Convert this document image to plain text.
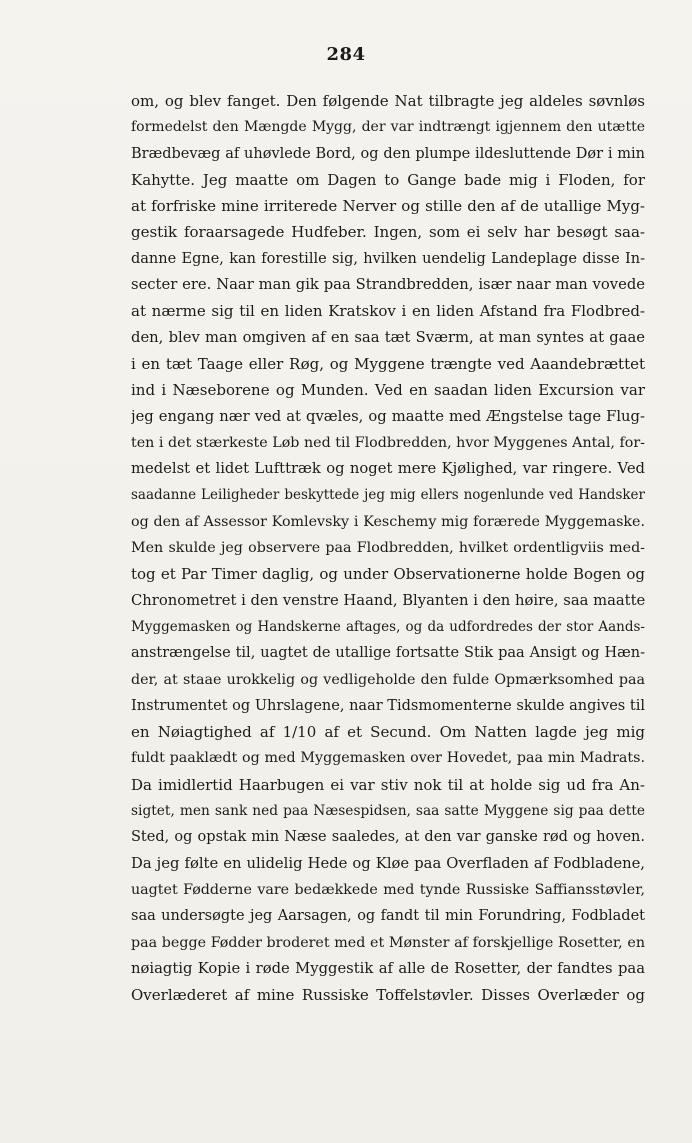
284
om, og blev fanget. Den følgende Nat tilbragte jeg aldeles søvnløs
formedelst den Mængde Mygg, der var indtrængt igjennem den utætte
Brædbevæg af uhøvlede Bord, og den plumpe ildesluttende Dør i min
Kahytte. Jeg maatte om Dagen to Gange bade mig i Floden, for
at forfriske mine irriterede Nerver og stille den af de utallige Myg-
gestik foraarsagede Hudfeber. Ingen, som ei selv har besøgt saa-
danne Egne, kan forestille sig, hvilken uendelig Landeplage disse In-
secter ere. Naar man gik paa Strandbredden, især naar man vovede
at nærme sig til en liden Kratskov i en liden Afstand fra Flodbred-
den, blev man omgiven af en saa tæt Sværm, at man syntes at gaae
i en tæt Taage eller Røg, og Myggene trængte ved Aaandebrættet
ind i Næseborene og Munden. Ved en saadan liden Excursion var
jeg engang nær ved at qvæles, og maatte med Ængstelse tage Flug-
ten i det stærkeste Løb ned til Flodbredden, hvor Myggenes Antal, for-
medelst et lidet Lufttræk og noget mere Kjølighed, var ringere. Ved
saadanne Leiligheder beskyttede jeg mig ellers nogenlunde ved Handsker
og den af Assessor Komlevsky i Keschemy mig forærede Myggemaske.
Men skulde jeg observere paa Flodbredden, hvilket ordentligviis med-
tog et Par Timer daglig, og under Observationerne holde Bogen og
Chronometret i den venstre Haand, Blyanten i den høire, saa maatte
Myggemasken og Handskerne aftages, og da udfordredes der stor Aands-
anstrængelse til, uagtet de utallige fortsatte Stik paa Ansigt og Hæn-
der, at staae urokkelig og vedligeholde den fulde Opmærksomhed paa
Instrumentet og Uhrslagene, naar Tidsmomenterne skulde angives til
en Nøiagtighed af 1/10 af et Secund. Om Natten lagde jeg mig
fuldt paaklædt og med Myggemasken over Hovedet, paa min Madrats.
Da imidlertid Haarbugen ei var stiv nok til at holde sig ud fra An-
sigtet, men sank ned paa Næsespidsen, saa satte Myggene sig paa dette
Sted, og opstak min Næse saaledes, at den var ganske rød og hoven.
Da jeg følte en ulidelig Hede og Kløe paa Overfladen af Fodbladene,
uagtet Fødderne vare bedækkede med tynde Russiske Saffiansstøvler,
saa undersøgte jeg Aarsagen, og fandt til min Forundring, Fodbladet
paa begge Fødder broderet med et Mønster af forskjellige Rosetter, en
nøiagtig Kopie i røde Myggestik af alle de Rosetter, der fandtes paa
Overlæderet af mine Russiske Toffelstøvler. Disses Overlæder og
